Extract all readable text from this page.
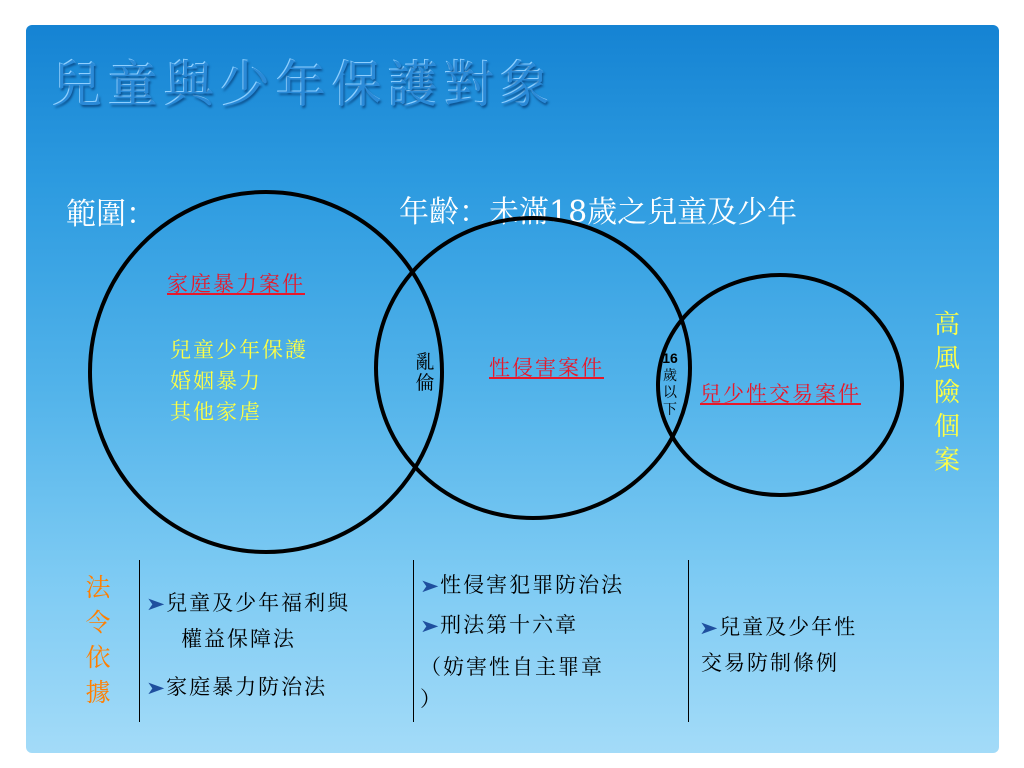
兒童與少年保護對象
範圍：	年齡：未滿18歲之兒童及少年
家庭暴力案件
兒童少年保護
婚姻暴力
其他家虐
亂倫
性侵害案件	16
歲以下
兒少性交易案件
高風險個案
法令依據
➤兒童及少年福利與
權益保障法
➤家庭暴力防治法
➤性侵害犯罪防治法
➤刑法第十六章
（妨害性自主罪章
）
➤兒童及少年性
交易防制條例
